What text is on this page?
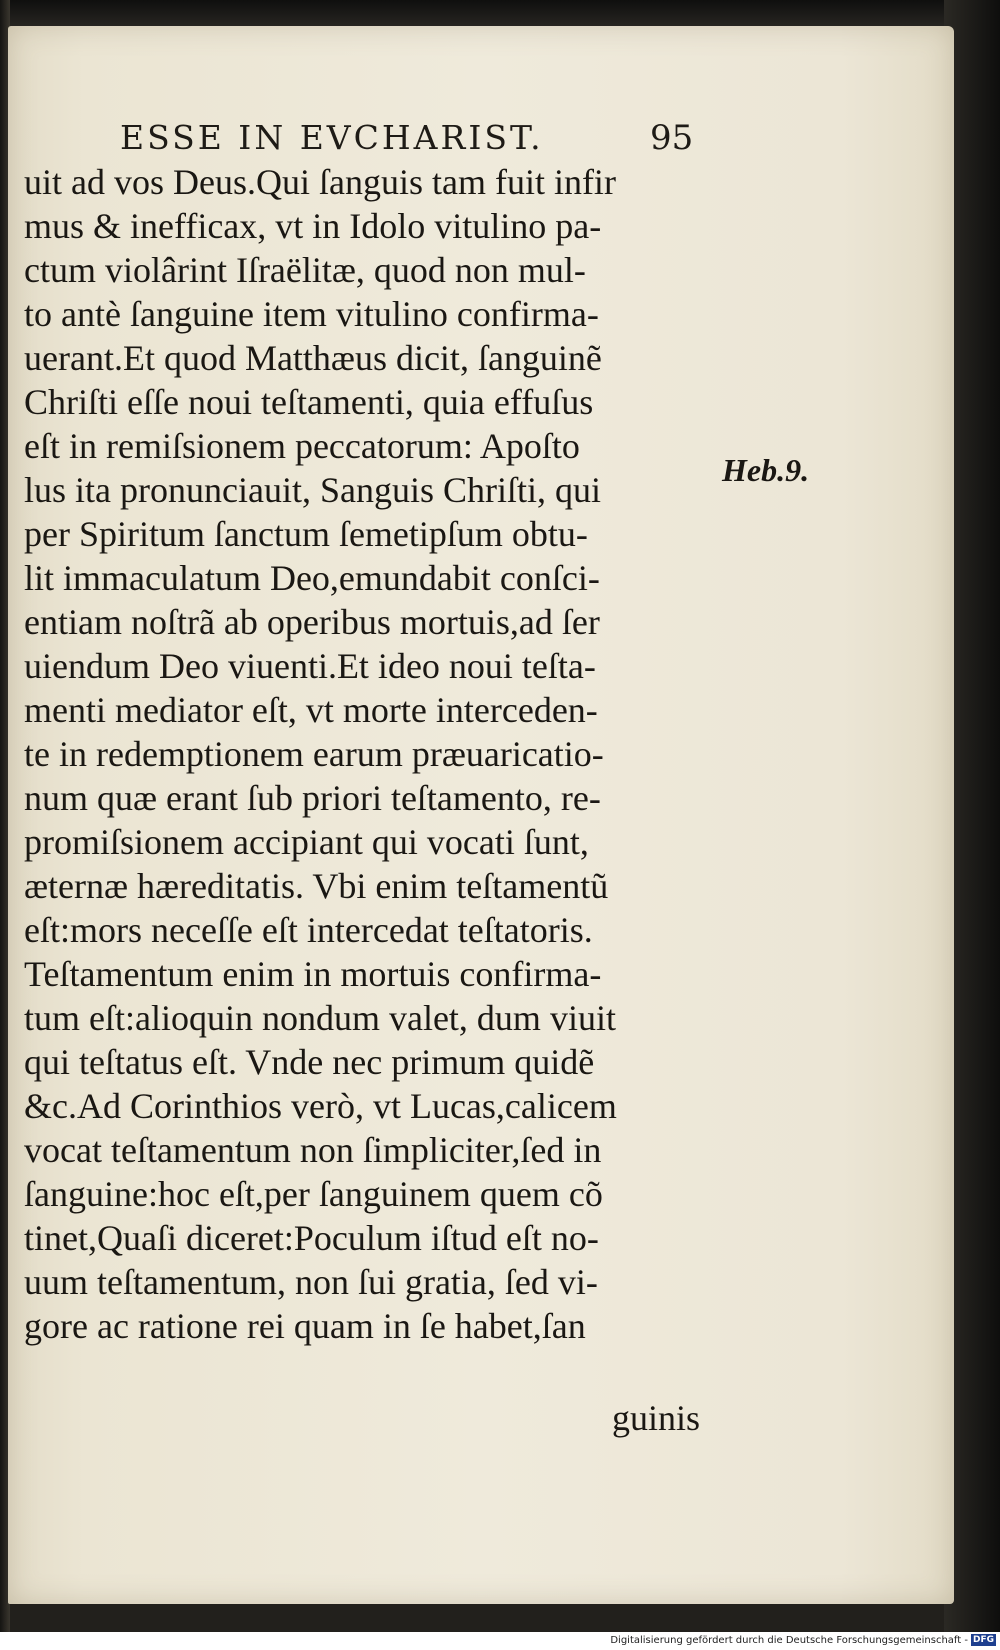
ESSE IN EVCHARIST.	95
uit ad vos Deus.Qui ſanguis tam fuit infir
mus & inefficax, vt in Idolo vitulino pa-
ctum violârint Iſraëlitæ, quod non mul-
to antè ſanguine item vitulino confirma-
uerant.Et quod Matthæus dicit, ſanguinẽ
Chriſti eſſe noui teſtamenti, quia effuſus
eſt in remiſsionem peccatorum: Apoſto
lus ita pronunciauit, Sanguis Chriſti, qui
per Spiritum ſanctum ſemetipſum obtu-
lit immaculatum Deo,emundabit conſci-
entiam noſtrã ab operibus mortuis,ad ſer
uiendum Deo viuenti.Et ideo noui teſta-
menti mediator eſt, vt morte interceden-
te in redemptionem earum præuaricatio-
num quæ erant ſub priori teſtamento, re-
promiſsionem accipiant qui vocati ſunt,
æternæ hæreditatis. Vbi enim teſtamentũ
eſt:mors neceſſe eſt intercedat teſtatoris.
Teſtamentum enim in mortuis confirma-
tum eſt:alioquin nondum valet, dum viuit
qui teſtatus eſt. Vnde nec primum quidẽ
&c.Ad Corinthios verò, vt Lucas,calicem
vocat teſtamentum non ſimpliciter,ſed in
ſanguine:hoc eſt,per ſanguinem quem cõ
tinet,Quaſi diceret:Poculum iſtud eſt no-
uum teſtamentum, non ſui gratia, ſed vi-
gore ac ratione rei quam in ſe habet,ſan
Heb.9.
guinis
Digitalisierung gefördert durch die Deutsche Forschungsgemeinschaft - DFG
